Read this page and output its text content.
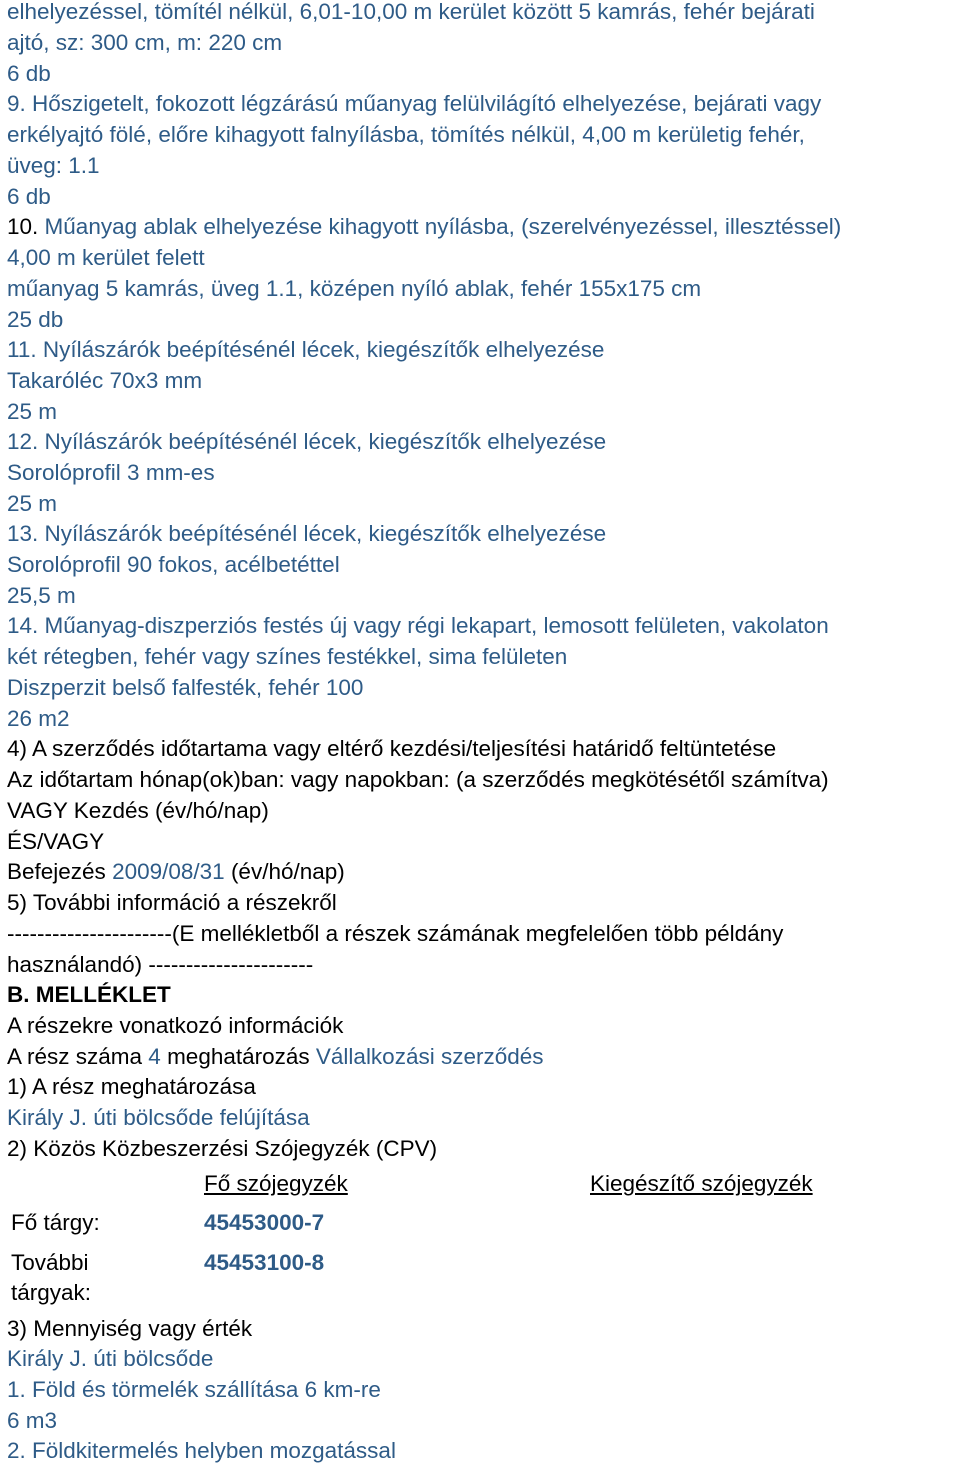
elhelyezéssel, tömítél nélkül, 6,01-10,00 m kerület között 5 kamrás, fehér bejárati
ajtó, sz: 300 cm, m: 220 cm
6 db
9. Hőszigetelt, fokozott légzárású műanyag felülvilágító elhelyezése, bejárati vagy
erkélyajtó fölé, előre kihagyott falnyílásba, tömítés nélkül, 4,00 m kerületig fehér,
üveg: 1.1
6 db
10. Műanyag ablak elhelyezése kihagyott nyílásba, (szerelvényezéssel, illesztéssel)
4,00 m kerület felett
műanyag 5 kamrás, üveg 1.1, középen nyíló ablak, fehér 155x175 cm
25 db
11. Nyílászárók beépítésénél lécek, kiegészítők elhelyezése
Takaróléc 70x3 mm
25 m
12. Nyílászárók beépítésénél lécek, kiegészítők elhelyezése
Sorolóprofil 3 mm-es
25 m
13. Nyílászárók beépítésénél lécek, kiegészítők elhelyezése
Sorolóprofil 90 fokos, acélbetéttel
25,5 m
14. Műanyag-diszperziós festés új vagy régi lekapart, lemosott felületen, vakolaton
két rétegben, fehér vagy színes festékkel, sima felületen
Diszperzit belső falfesték, fehér 100
26 m2
4) A szerződés időtartama vagy eltérő kezdési/teljesítési határidő feltüntetése
Az időtartam hónap(ok)ban: vagy napokban: (a szerződés megkötésétől számítva)
VAGY Kezdés (év/hó/nap)
ÉS/VAGY
Befejezés 2009/08/31 (év/hó/nap)
5) További információ a részekről
----------------------(E mellékletből a részek számának megfelelően több példány
használandó) ----------------------
B. MELLÉKLET
A részekre vonatkozó információk
A rész száma 4 meghatározás Vállalkozási szerződés
1) A rész meghatározása
Király J. úti bölcsőde felújítása
2) Közös Közbeszerzési Szójegyzék (CPV)
Fő szójegyzék	Kiegészítő szójegyzék
Fő tárgy:	45453000-7
További
tárgyak:
45453100-8
3) Mennyiség vagy érték
Király J. úti bölcsőde
1. Föld és törmelék szállítása 6 km-re
6 m3
2. Földkitermelés helyben mozgatással
